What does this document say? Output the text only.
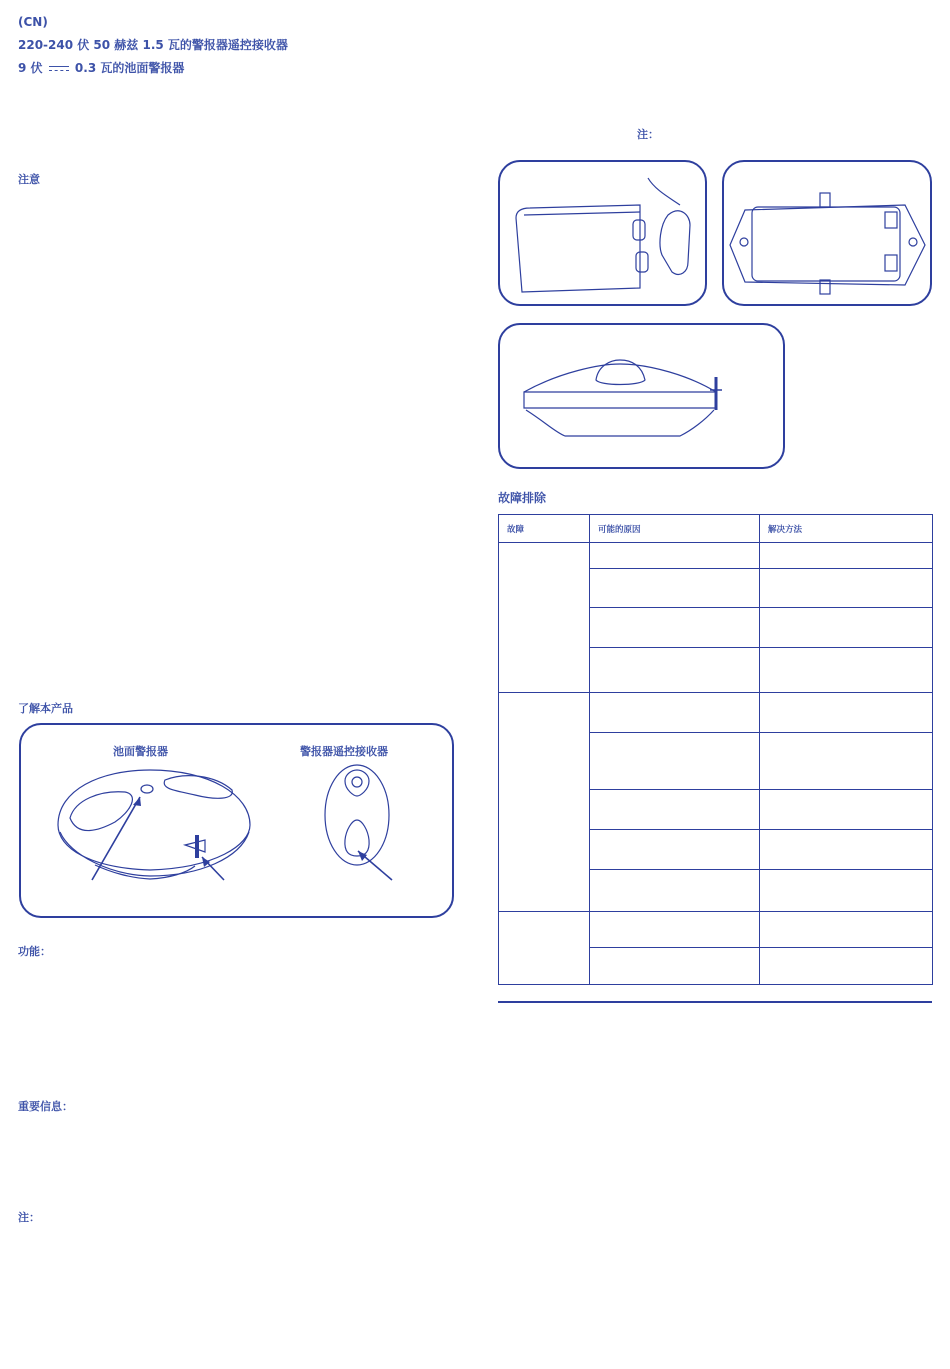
(CN)
220-240 伏 50 赫兹 1.5 瓦的警报器遥控接收器
9 伏	0.3 瓦的池面警报器
注意
了解本产品
池面警报器	警报器遥控接收器
功能：
重要信息：
注：
注：
故障排除
故障	可能的原因	解决方法
